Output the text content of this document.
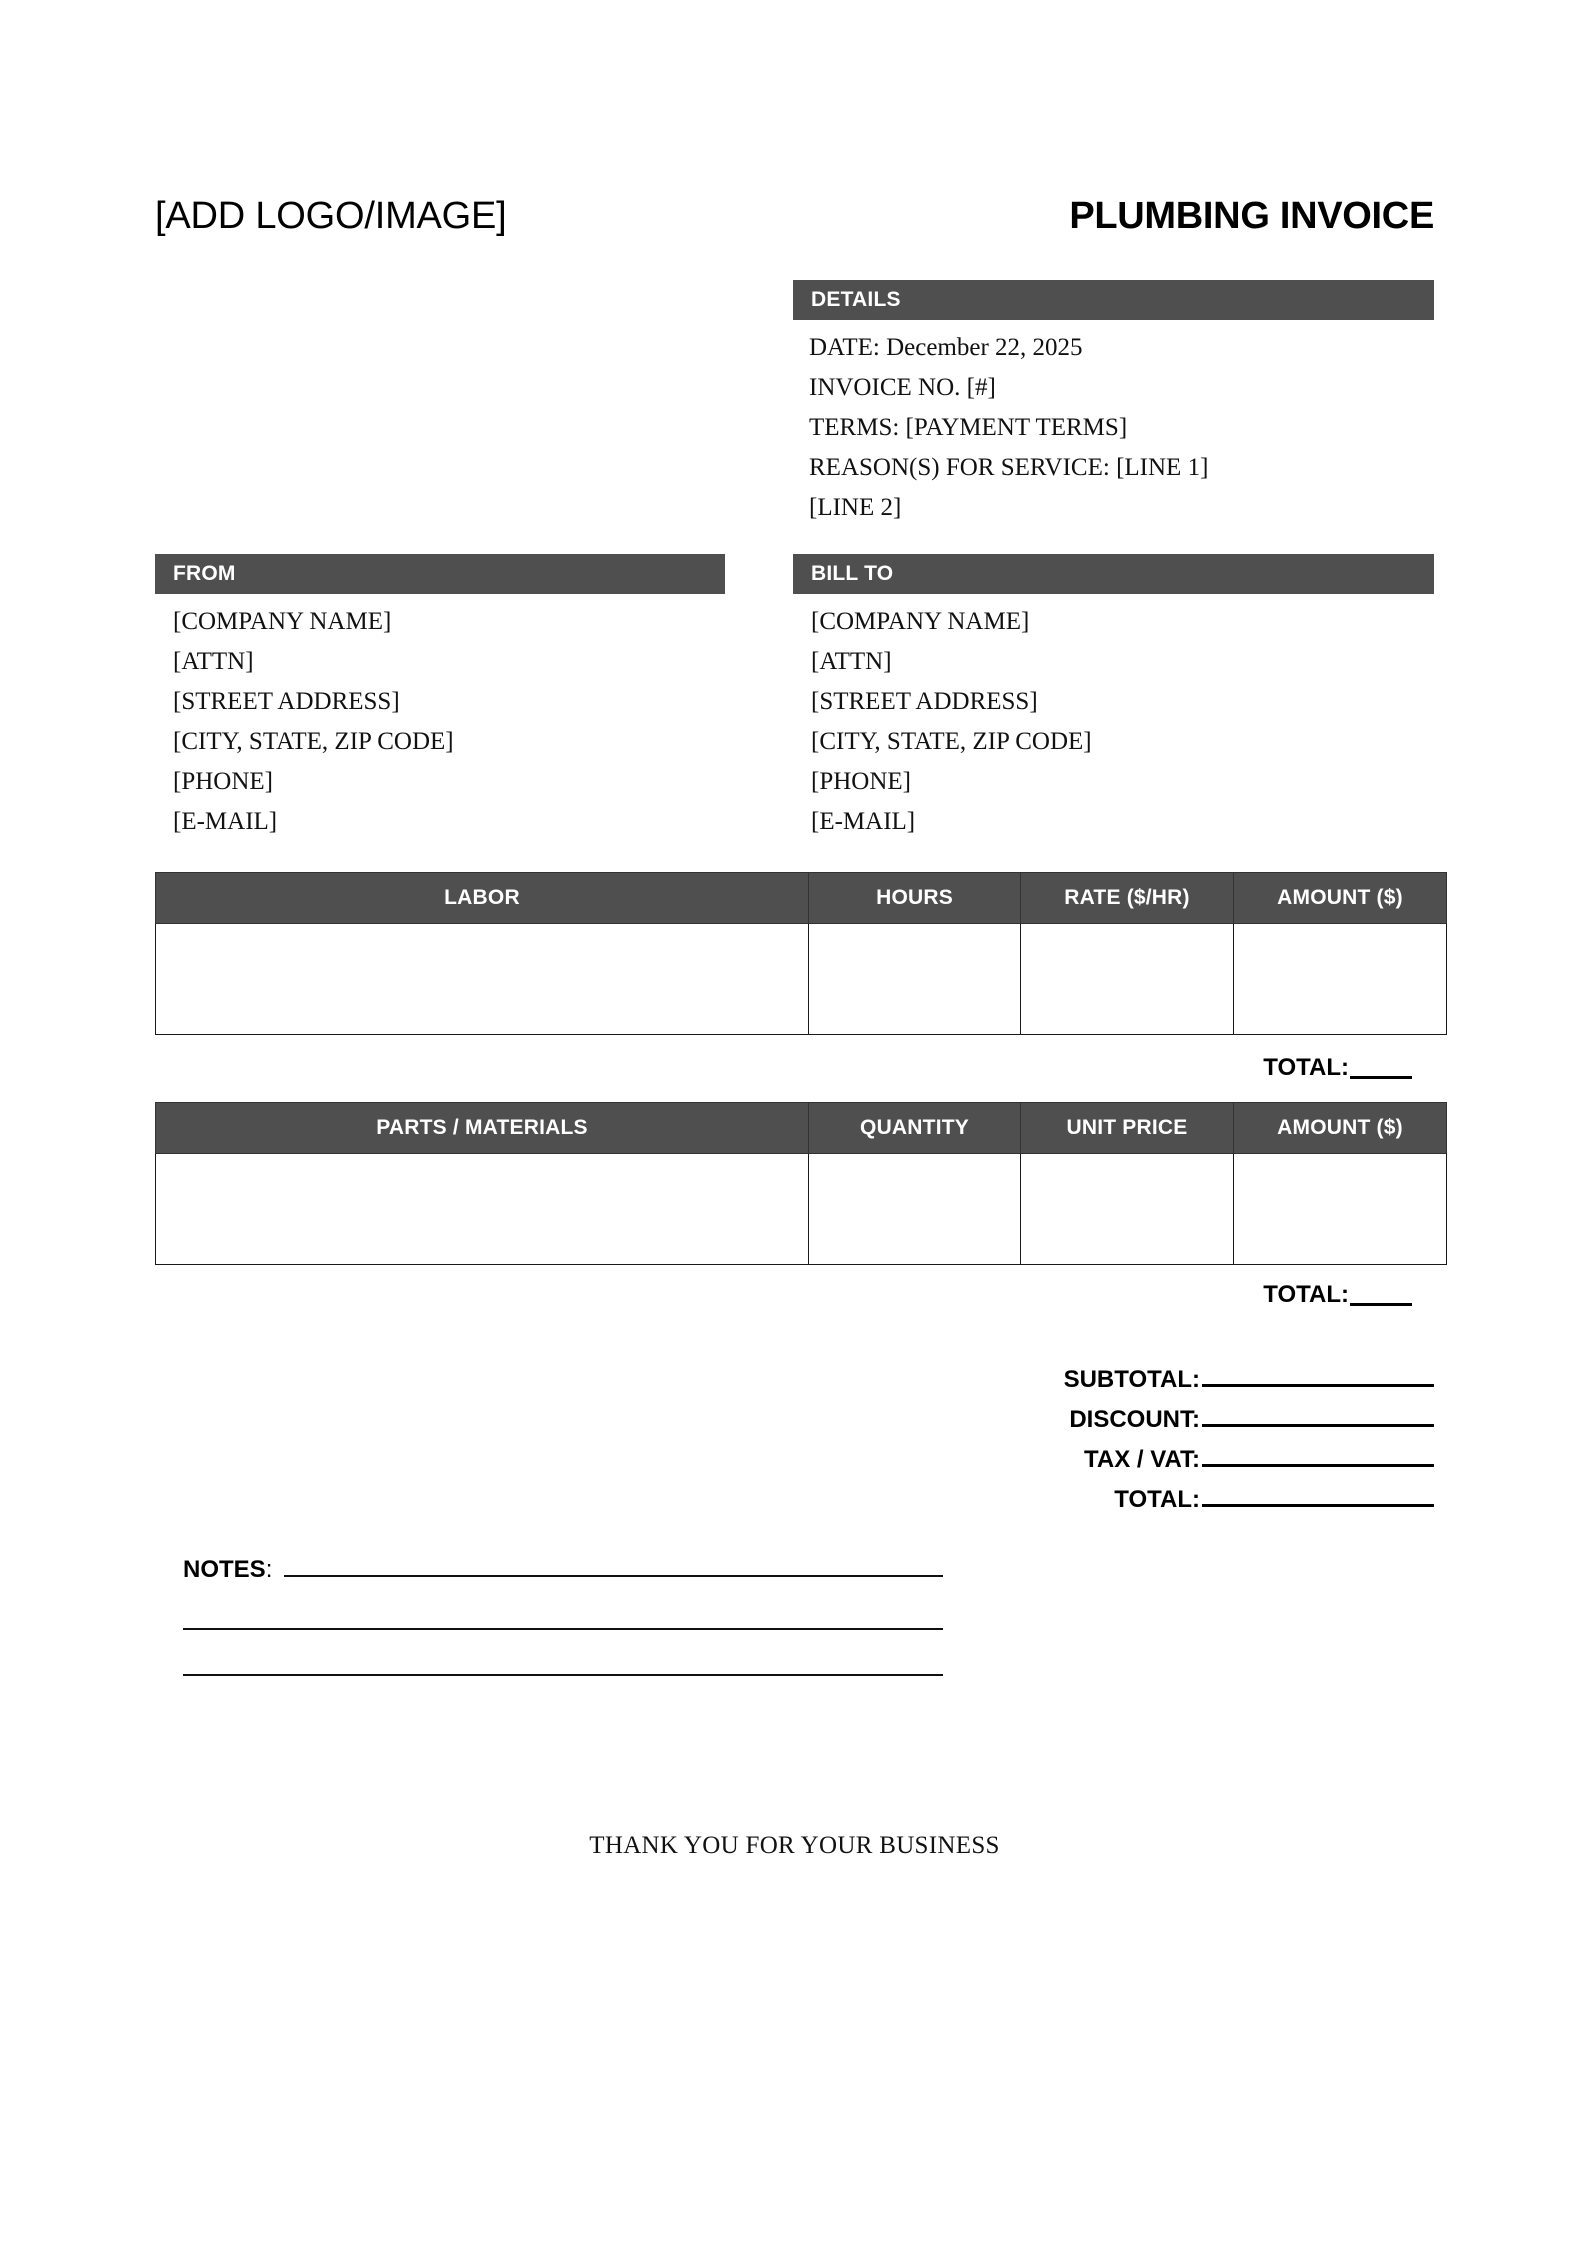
[ADD LOGO/IMAGE]	PLUMBING INVOICE
DETAILS
DATE: December 22, 2025
INVOICE NO. [#]
TERMS: [PAYMENT TERMS]
REASON(S) FOR SERVICE: [LINE 1]
[LINE 2]
FROM
[COMPANY NAME]
[ATTN]
[STREET ADDRESS]
[CITY, STATE, ZIP CODE]
[PHONE]
[E-MAIL]
BILL TO
[COMPANY NAME]
[ATTN]
[STREET ADDRESS]
[CITY, STATE, ZIP CODE]
[PHONE]
[E-MAIL]
LABOR	HOURS	RATE ($/HR)	AMOUNT ($)

TOTAL:
PARTS / MATERIALS	QUANTITY	UNIT PRICE	AMOUNT ($)

TOTAL:
SUBTOTAL:
DISCOUNT:
TAX / VAT:
TOTAL:
NOTES :
THANK YOU FOR YOUR BUSINESS
